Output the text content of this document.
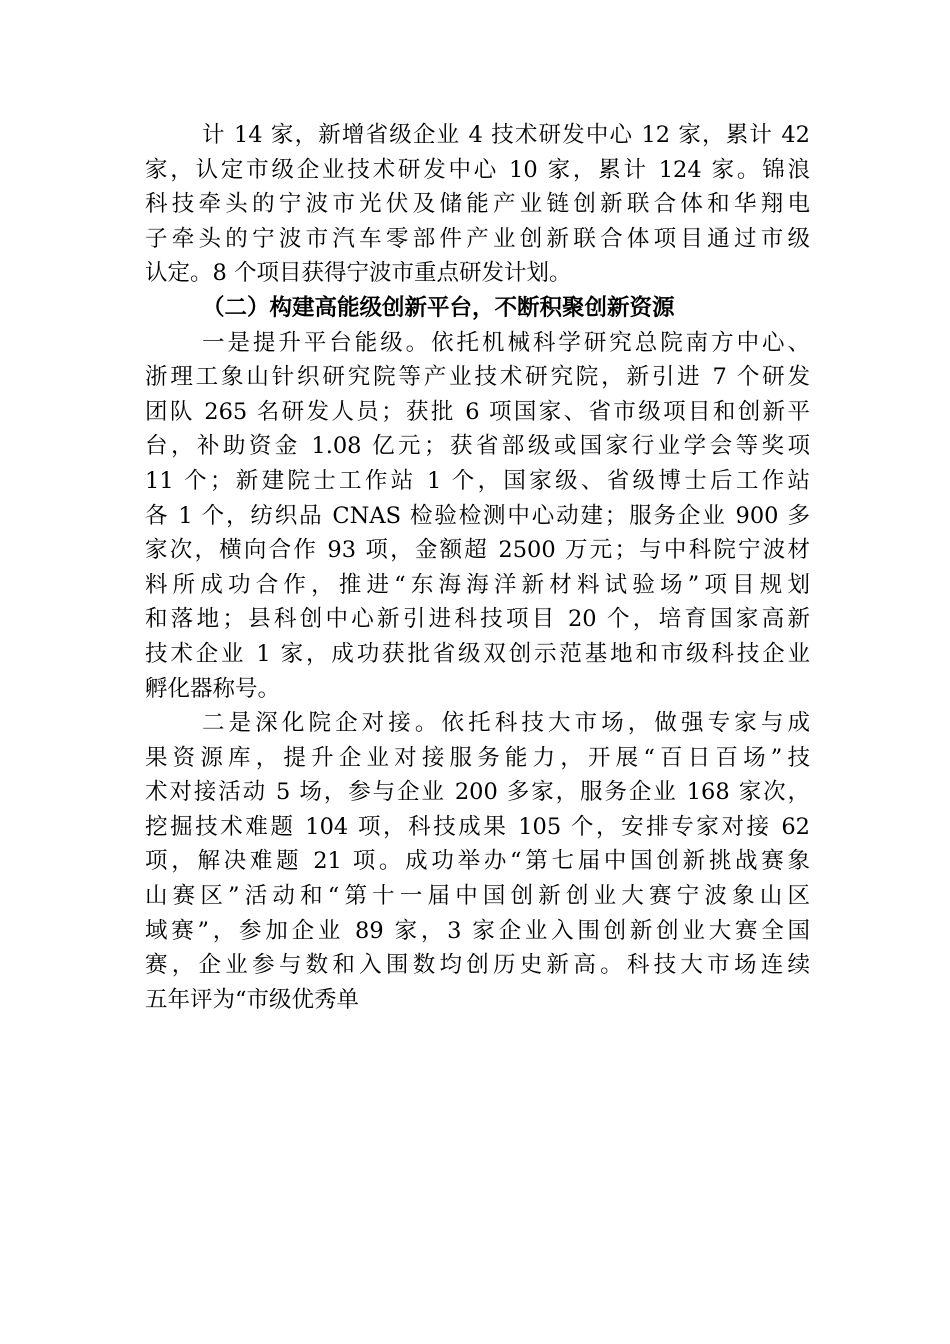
计 14 家，新增省级企业 4 技术研发中心 12 家，累计 42
家，认定市级企业技术研发中心 10 家，累计 124 家。锦浪
科技牵头的宁波市光伏及储能产业链创新联合体和华翔电
子牵头的宁波市汽车零部件产业创新联合体项目通过市级
认定。8 个项目获得宁波市重点研发计划。
（二）构建高能级创新平台，不断积聚创新资源
一是提升平台能级。依托机械科学研究总院南方中心、
浙理工象山针织研究院等产业技术研究院，新引进 7 个研发
团队 265 名研发人员；获批 6 项国家、省市级项目和创新平
台，补助资金 1.08 亿元；获省部级或国家行业学会等奖项
11 个；新建院士工作站 1 个，国家级、省级博士后工作站
各 1 个，纺织品 CNAS 检验检测中心动建；服务企业 900 多
家次，横向合作 93 项，金额超 2500 万元；与中科院宁波材
料所成功合作，推进“东海海洋新材料试验场”项目规划
和落地；县科创中心新引进科技项目 20 个，培育国家高新
技术企业 1 家，成功获批省级双创示范基地和市级科技企业
孵化器称号。
二是深化院企对接。依托科技大市场，做强专家与成
果资源库，提升企业对接服务能力，开展“百日百场”技
术对接活动 5 场，参与企业 200 多家，服务企业 168 家次，
挖掘技术难题 104 项，科技成果 105 个，安排专家对接 62
项，解决难题 21 项。成功举办“第七届中国创新挑战赛象
山赛区”活动和“第十一届中国创新创业大赛宁波象山区
域赛”，参加企业 89 家，3 家企业入围创新创业大赛全国
赛，企业参与数和入围数均创历史新高。科技大市场连续
五年评为“市级优秀单
